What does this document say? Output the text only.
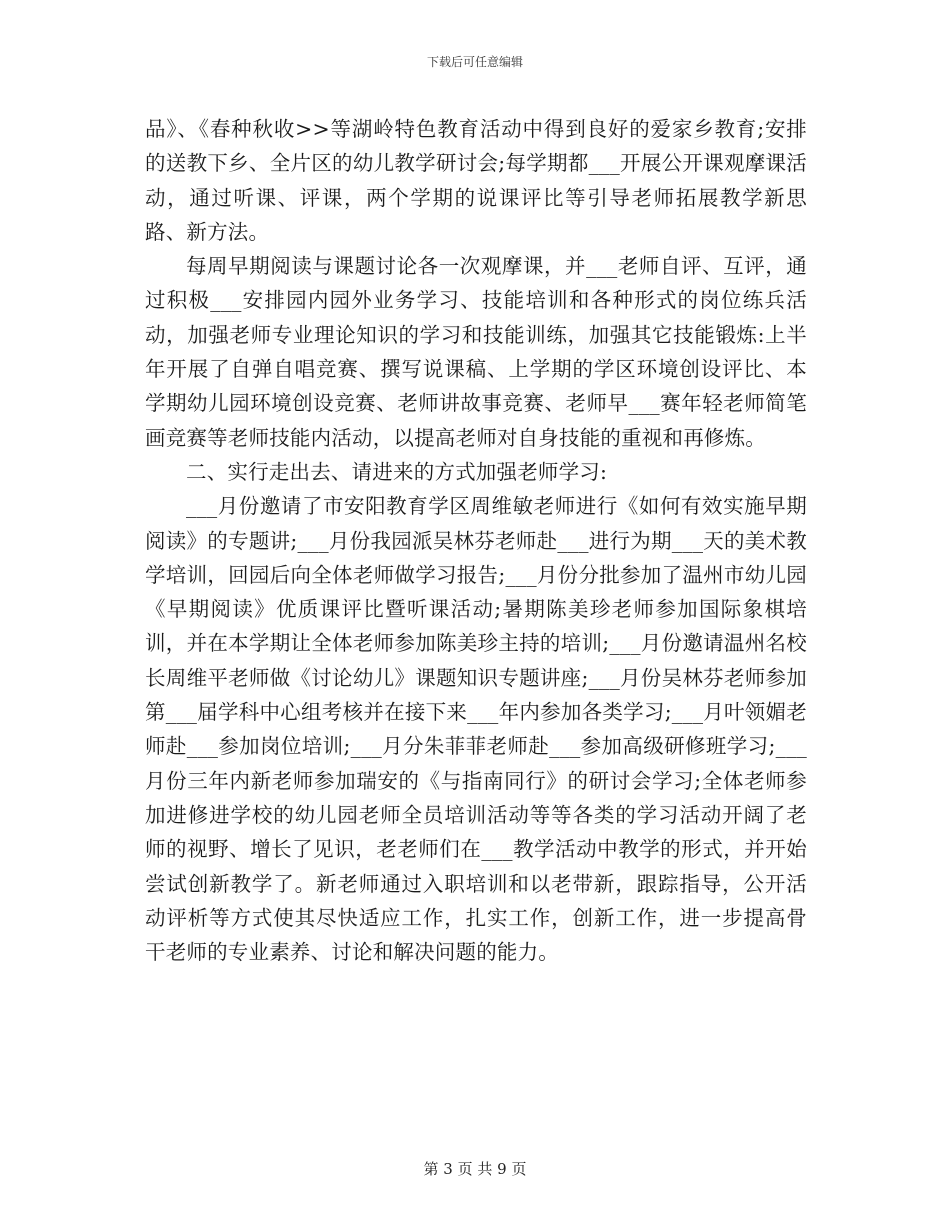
下载后可任意编辑

品》、《春种秋收>>等湖岭特色教育活动中得到良好的爱家乡教育;安排的送教下乡、全片区的幼儿教学研讨会;每学期都___开展公开课观摩课活动，通过听课、评课，两个学期的说课评比等引导老师拓展教学新思路、新方法。

每周早期阅读与课题讨论各一次观摩课，并___老师自评、互评，通过积极___安排园内园外业务学习、技能培训和各种形式的岗位练兵活动，加强老师专业理论知识的学习和技能训练，加强其它技能锻炼:上半年开展了自弹自唱竞赛、撰写说课稿、上学期的学区环境创设评比、本学期幼儿园环境创设竞赛、老师讲故事竞赛、老师早___赛年轻老师简笔画竞赛等老师技能内活动，以提高老师对自身技能的重视和再修炼。

二、实行走出去、请进来的方式加强老师学习:

___月份邀请了市安阳教育学区周维敏老师进行《如何有效实施早期阅读》的专题讲;___月份我园派吴林芬老师赴___进行为期___天的美术教学培训，回园后向全体老师做学习报告;___月份分批参加了温州市幼儿园《早期阅读》优质课评比暨听课活动;暑期陈美珍老师参加国际象棋培训，并在本学期让全体老师参加陈美珍主持的培训;___月份邀请温州名校长周维平老师做《讨论幼儿》课题知识专题讲座;___月份吴林芬老师参加第___届学科中心组考核并在接下来___年内参加各类学习;___月叶领媚老师赴___参加岗位培训;___月分朱菲菲老师赴___参加高级研修班学习;___月份三年内新老师参加瑞安的《与指南同行》的研讨会学习;全体老师参加进修进学校的幼儿园老师全员培训活动等等各类的学习活动开阔了老师的视野、增长了见识，老老师们在___教学活动中教学的形式，并开始尝试创新教学了。新老师通过入职培训和以老带新，跟踪指导，公开活动评析等方式使其尽快适应工作，扎实工作，创新工作，进一步提高骨干老师的专业素养、讨论和解决问题的能力。

第 3 页 共 9 页
